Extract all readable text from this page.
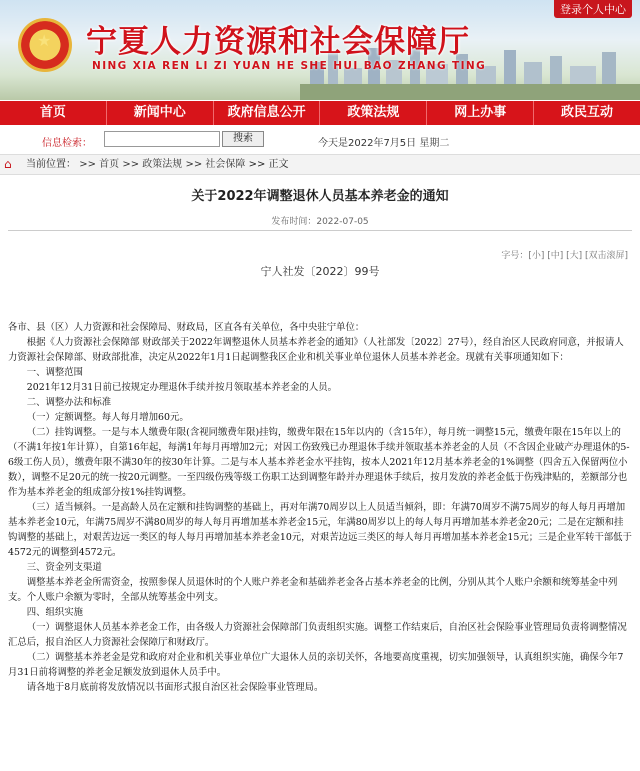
★ 宁夏人力资源和社会保障厅
NING XIA REN LI ZI YUAN HE SHE HUI BAO ZHANG TING
登录个人中心
首页	新闻中心	政府信息公开	政策法规	网上办事	政民互动
信息检索：	搜索	今天是2022年7月5日 星期二
⌂	当前位置： >> 首页 >> 政策法规 >> 社会保障 >> 正文
关于2022年调整退休人员基本养老金的通知
发布时间：2022-07-05
字号：[小] [中] [大] [双击滚屏]
宁人社发〔2022〕99号

各市、县（区）人力资源和社会保障局、财政局，区直各有关单位，各中央驻宁单位：

根据《人力资源社会保障部 财政部关于2022年调整退休人员基本养老金的通知》（人社部发〔2022〕27号），经自治区人民政府同意，并报请人力资源社会保障部、财政部批准，决定从2022年1月1日起调整我区企业和机关事业单位退休人员基本养老金。现就有关事项通知如下：

一、调整范围

2021年12月31日前已按规定办理退休手续并按月领取基本养老金的人员。

二、调整办法和标准

（一）定额调整。每人每月增加60元。

（二）挂钩调整。一是与本人缴费年限(含视同缴费年限)挂钩，缴费年限在15年以内的（含15年），每月统一调整15元，缴费年限在15年以上的（不满1年按1年计算），自第16年起，每满1年每月再增加2元；对因工伤致残已办理退休手续并领取基本养老金的人员（不含因企业破产办理退休的5-6级工伤人员），缴费年限不满30年的按30年计算。二是与本人基本养老金水平挂钩，按本人2021年12月基本养老金的1%调整（四舍五入保留两位小数），调整不足20元的统一按20元调整。一至四级伤残等级工伤职工达到调整年龄并办理退休手续后，按月发放的养老金低于伤残津贴的，差额部分也作为基本养老金的组成部分按1%挂钩调整。

（三）适当倾斜。一是高龄人员在定额和挂钩调整的基础上，再对年满70周岁以上人员适当倾斜，即：年满70周岁不满75周岁的每人每月再增加基本养老金10元，年满75周岁不满80周岁的每人每月再增加基本养老金15元，年满80周岁以上的每人每月再增加基本养老金20元；二是在定额和挂钩调整的基础上，对艰苦边远一类区的每人每月再增加基本养老金10元，对艰苦边远三类区的每人每月再增加基本养老金15元；三是企业军转干部低于4572元的调整到4572元。

三、资金列支渠道

调整基本养老金所需资金，按照参保人员退休时的个人账户养老金和基础养老金各占基本养老金的比例，分别从其个人账户余额和统筹基金中列支。个人账户余额为零时，全部从统筹基金中列支。

四、组织实施

（一）调整退休人员基本养老金工作，由各级人力资源社会保障部门负责组织实施。调整工作结束后，自治区社会保险事业管理局负责将调整情况汇总后，报自治区人力资源社会保障厅和财政厅。

（二）调整基本养老金是党和政府对企业和机关事业单位广大退休人员的亲切关怀，各地要高度重视，切实加强领导，认真组织实施，确保今年7月31日前将调整的养老金足额发放到退休人员手中。

请各地于8月底前将发放情况以书面形式报自治区社会保险事业管理局。
